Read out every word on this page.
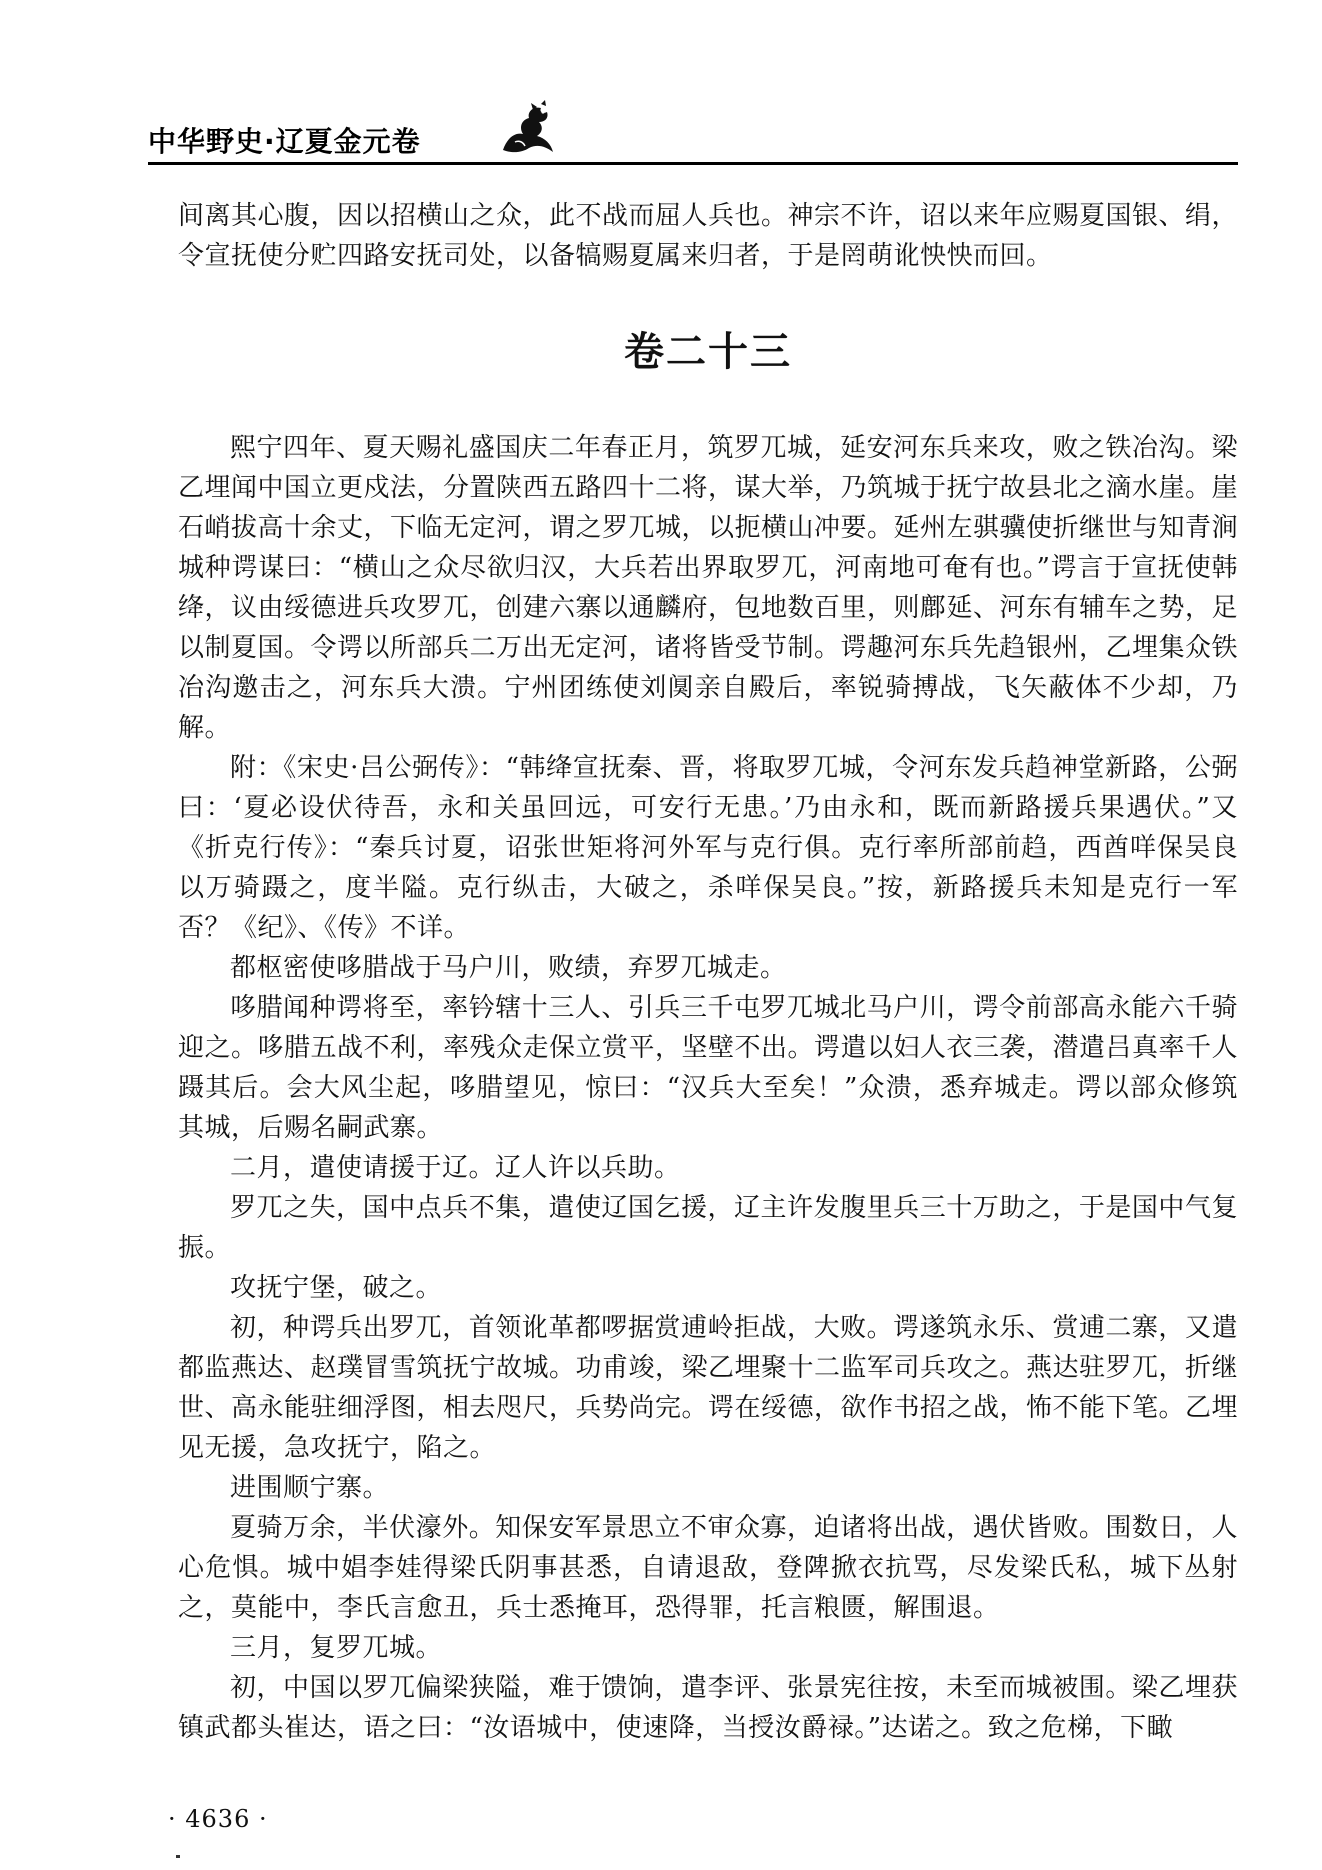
中华野史·辽夏金元卷

间离其心腹，因以招横山之众，此不战而屈人兵也。神宗不许，诏以来年应赐夏国银、绢，令宣抚使分贮四路安抚司处，以备犒赐夏属来归者，于是罔萌讹怏怏而回。

卷二十三

熙宁四年、夏天赐礼盛国庆二年春正月，筑罗兀城，延安河东兵来攻，败之铁冶沟。梁乙埋闻中国立更戍法，分置陕西五路四十二将，谋大举，乃筑城于抚宁故县北之滴水崖。崖石峭拔高十余丈，下临无定河，谓之罗兀城，以扼横山冲要。延州左骐骥使折继世与知青涧城种谔谋曰：“横山之众尽欲归汉，大兵若出界取罗兀，河南地可奄有也。”谔言于宣抚使韩绛，议由绥德进兵攻罗兀，创建六寨以通麟府，包地数百里，则鄜延、河东有辅车之势，足以制夏国。令谔以所部兵二万出无定河，诸将皆受节制。谔趣河东兵先趋银州，乙埋集众铁冶沟邀击之，河东兵大溃。宁州团练使刘阒亲自殿后，率锐骑搏战，飞矢蔽体不少却，乃解。

附：《宋史·吕公弼传》：“韩绛宣抚秦、晋，将取罗兀城，令河东发兵趋神堂新路，公弼曰：‘夏必设伏待吾，永和关虽回远，可安行无患。’乃由永和，既而新路援兵果遇伏。”又《折克行传》：“秦兵讨夏，诏张世矩将河外军与克行俱。克行率所部前趋，西酋咩保吴良以万骑蹑之，度半隘。克行纵击，大破之，杀咩保吴良。”按，新路援兵未知是克行一军否？《纪》、《传》不详。

都枢密使哆腊战于马户川，败绩，弃罗兀城走。

哆腊闻种谔将至，率钤辖十三人、引兵三千屯罗兀城北马户川，谔令前部高永能六千骑迎之。哆腊五战不利，率残众走保立赏平，坚壁不出。谔遣以妇人衣三袭，潜遣吕真率千人蹑其后。会大风尘起，哆腊望见，惊曰：“汉兵大至矣！”众溃，悉弃城走。谔以部众修筑其城，后赐名嗣武寨。

二月，遣使请援于辽。辽人许以兵助。

罗兀之失，国中点兵不集，遣使辽国乞援，辽主许发腹里兵三十万助之，于是国中气复振。

攻抚宁堡，破之。

初，种谔兵出罗兀，首领讹革都啰据赏逋岭拒战，大败。谔遂筑永乐、赏逋二寨，又遣都监燕达、赵璞冒雪筑抚宁故城。功甫竣，梁乙埋聚十二监军司兵攻之。燕达驻罗兀，折继世、高永能驻细浮图，相去咫尺，兵势尚完。谔在绥德，欲作书招之战，怖不能下笔。乙埋见无援，急攻抚宁，陷之。

进围顺宁寨。

夏骑万余，半伏濠外。知保安军景思立不审众寡，迫诸将出战，遇伏皆败。围数日，人心危惧。城中娼李娃得梁氏阴事甚悉，自请退敌，登陴掀衣抗骂，尽发梁氏私，城下丛射之，莫能中，李氏言愈丑，兵士悉掩耳，恐得罪，托言粮匮，解围退。

三月，复罗兀城。

初，中国以罗兀偏梁狭隘，难于馈饷，遣李评、张景宪往按，未至而城被围。梁乙埋获镇武都头崔达，语之曰：“汝语城中，使速降，当授汝爵禄。”达诺之。致之危梯，下瞰

· 4636 ·
